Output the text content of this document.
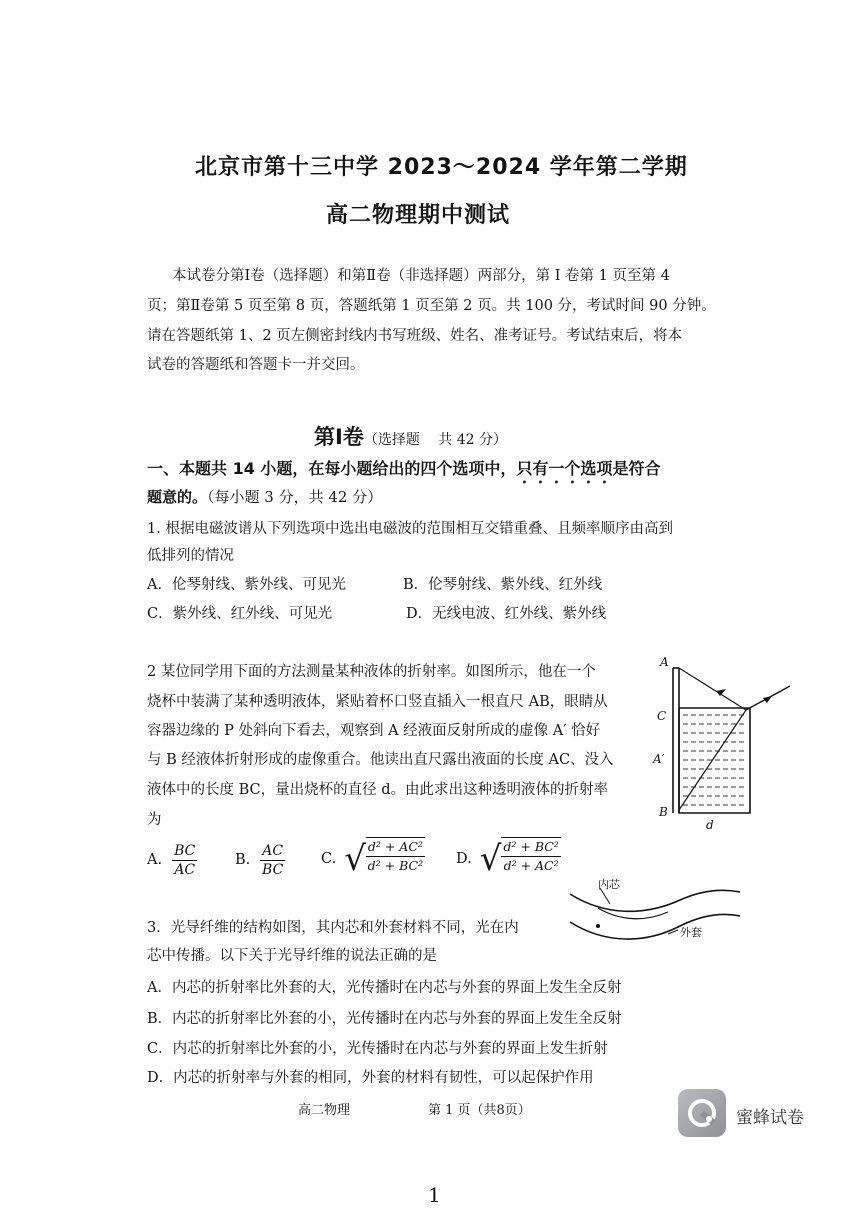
北京市第十三中学 2023～2024 学年第二学期
高二物理期中测试
本试卷分第Ⅰ卷（选择题）和第Ⅱ卷（非选择题）两部分，第 Ⅰ 卷第 1 页至第 4
页；第Ⅱ卷第 5 页至第 8 页，答题纸第 1 页至第 2 页。共 100 分，考试时间 90 分钟。
请在答题纸第 1、2 页左侧密封线内书写班级、姓名、准考证号。考试结束后，将本
试卷的答题纸和答题卡一并交回。
第Ⅰ卷（选择题　 共 42 分）
一、本题共 14 小题，在每小题给出的四个选项中，只有一个选项是符合
题意的。（每小题 3 分，共 42 分）
1. 根据电磁波谱从下列选项中选出电磁波的范围相互交错重叠、且频率顺序由高到
低排列的情况
A．伦琴射线、紫外线、可见光	B．伦琴射线、紫外线、红外线
C．紫外线、红外线、可见光	D．无线电波、红外线、紫外线
2 某位同学用下面的方法测量某种液体的折射率。如图所示，他在一个
烧杯中装满了某种透明液体，紧贴着杯口竖直插入一根直尺 AB，眼睛从
容器边缘的 P 处斜向下看去，观察到 A 经液面反射所成的虚像 A′ 恰好
与 B 经液体折射形成的虚像重合。他读出直尺露出液面的长度 AC、没入
液体中的长度 BC，量出烧杯的直径 d。由此求出这种透明液体的折射率
为
A. $\frac{BC}{AC}$	B. $\frac{AC}{BC} C$. √ $\frac{\text{d² + AC²}}{\text{d² + BC²}} D$. √ $\frac{\text{d² + BC²}}{\text{d² + AC²}}$
A
C
A′
B
d
3．光导纤维的结构如图，其内芯和外套材料不同，光在内
芯中传播。以下关于光导纤维的说法正确的是
A．内芯的折射率比外套的大，光传播时在内芯与外套的界面上发生全反射
B．内芯的折射率比外套的小，光传播时在内芯与外套的界面上发生全反射
C．内芯的折射率比外套的小，光传播时在内芯与外套的界面上发生折射
D．内芯的折射率与外套的相同，外套的材料有韧性，可以起保护作用
内芯
外套
高二物理	第 1 页（共8页）	蜜蜂试卷
1
